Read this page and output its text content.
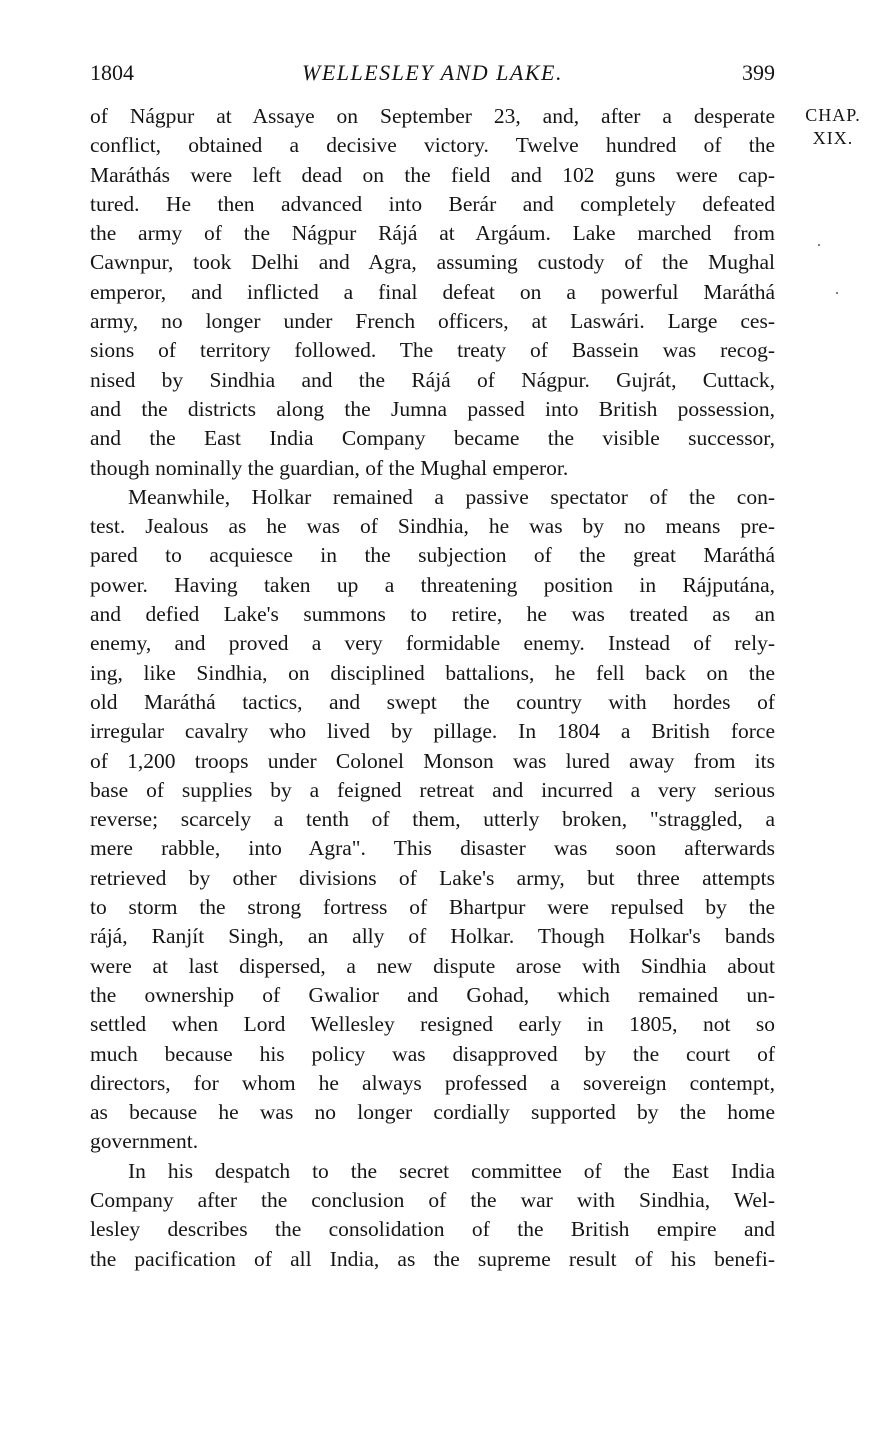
1804	WELLESLEY AND LAKE.	399
CHAP.
XIX.
of Nágpur at Assaye on September 23, and, after a desperate
conflict, obtained a decisive victory. Twelve hundred of the
Maráthás were left dead on the field and 102 guns were cap-
tured. He then advanced into Berár and completely defeated
the army of the Nágpur Rájá at Argáum. Lake marched from
Cawnpur, took Delhi and Agra, assuming custody of the Mughal
emperor, and inflicted a final defeat on a powerful Maráthá
army, no longer under French officers, at Laswári. Large ces-
sions of territory followed. The treaty of Bassein was recog-
nised by Sindhia and the Rájá of Nágpur. Gujrát, Cuttack,
and the districts along the Jumna passed into British possession,
and the East India Company became the visible successor,
though nominally the guardian, of the Mughal emperor.
Meanwhile, Holkar remained a passive spectator of the con-
test. Jealous as he was of Sindhia, he was by no means pre-
pared to acquiesce in the subjection of the great Maráthá
power. Having taken up a threatening position in Rájputána,
and defied Lake's summons to retire, he was treated as an
enemy, and proved a very formidable enemy. Instead of rely-
ing, like Sindhia, on disciplined battalions, he fell back on the
old Maráthá tactics, and swept the country with hordes of
irregular cavalry who lived by pillage. In 1804 a British force
of 1,200 troops under Colonel Monson was lured away from its
base of supplies by a feigned retreat and incurred a very serious
reverse; scarcely a tenth of them, utterly broken, "straggled, a
mere rabble, into Agra". This disaster was soon afterwards
retrieved by other divisions of Lake's army, but three attempts
to storm the strong fortress of Bhartpur were repulsed by the
rájá, Ranjít Singh, an ally of Holkar. Though Holkar's bands
were at last dispersed, a new dispute arose with Sindhia about
the ownership of Gwalior and Gohad, which remained un-
settled when Lord Wellesley resigned early in 1805, not so
much because his policy was disapproved by the court of
directors, for whom he always professed a sovereign contempt,
as because he was no longer cordially supported by the home
government.
In his despatch to the secret committee of the East India
Company after the conclusion of the war with Sindhia, Wel-
lesley describes the consolidation of the British empire and
the pacification of all India, as the supreme result of his benefi-
